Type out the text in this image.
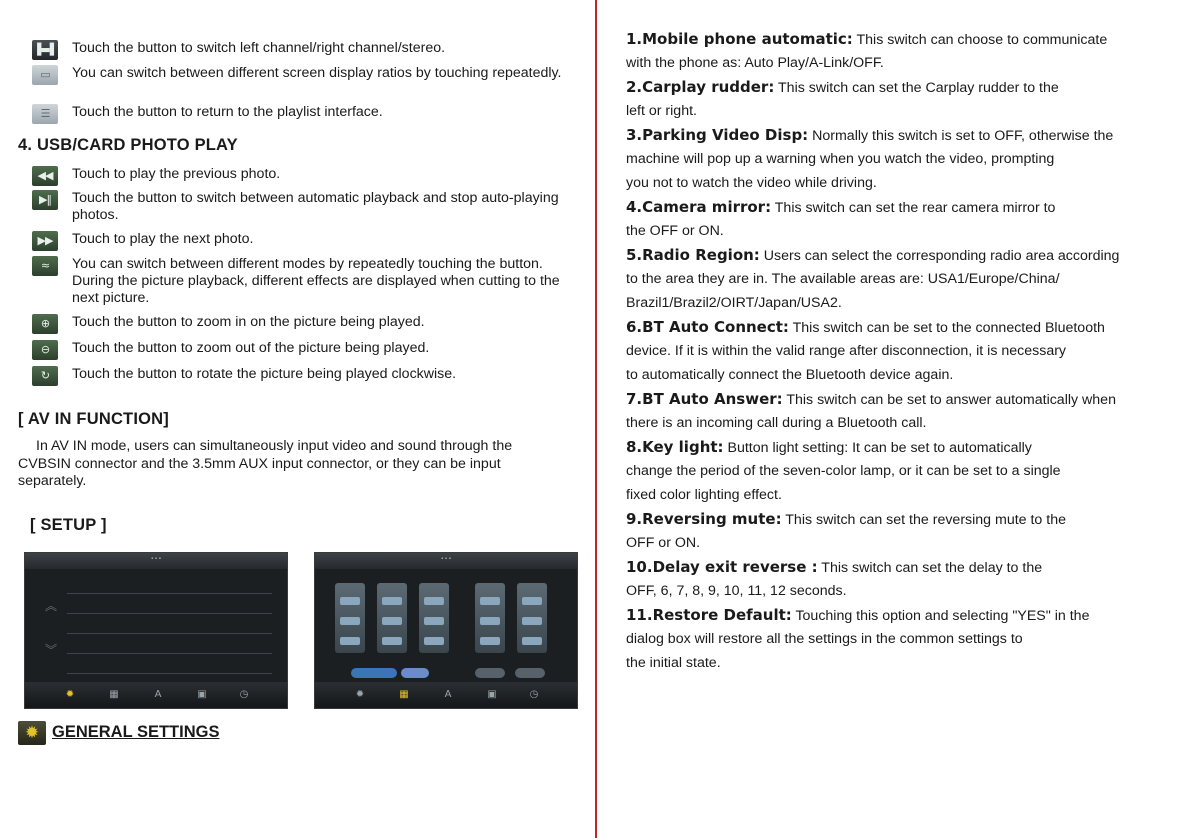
▐▬▌ Touch the button to switch left channel/right channel/stereo.
▭	You can switch between different screen display ratios by touching repeatedly.
☰	Touch the button to return to the playlist interface.
4. USB/CARD PHOTO PLAY
◀◀	Touch to play the previous photo.
▶‖	Touch the button to switch between automatic playback and stop auto-playing photos.
▶▶	Touch to play the next photo.
≈	You can switch between different modes by repeatedly touching the button. During the picture playback, different effects are displayed when cutting to the next picture.
⊕	Touch the button to zoom in on the picture being played.
⊖	Touch the button to zoom out of the picture being played.
↻	Touch the button to rotate the picture being played clockwise.
[ AV IN FUNCTION]
In AV IN mode, users can simultaneously input video and sound through the CVBSIN connector and the 3.5mm AUX input connector, or they can be input separately.
[ SETUP ]
▪ ▪ ▪
︽
︾
✹	▦	A	▣	◷
▪ ▪ ▪
✹	▦	A	▣	◷
✹ GENERAL SETTINGS
1.Mobile phone automatic: This switch can choose to communicate
with the phone as: Auto Play/A-Link/OFF.
2.Carplay rudder: This switch can set the Carplay rudder to the
left or right.
3.Parking Video Disp: Normally this switch is set to OFF, otherwise the
machine will pop up a warning when you watch the video, prompting
you not to watch the video while driving.
4.Camera mirror: This switch can set the rear camera mirror to
the OFF or ON.
5.Radio Region: Users can select the corresponding radio area according
to the area they are in. The available areas are: USA1/Europe/China/
Brazil1/Brazil2/OIRT/Japan/USA2.
6.BT Auto Connect: This switch can be set to the connected Bluetooth
device. If it is within the valid range after disconnection, it is necessary
to automatically connect the Bluetooth device again.
7.BT Auto Answer: This switch can be set to answer automatically when
there is an incoming call during a Bluetooth call.
8.Key light: Button light setting: It can be set to automatically
change the period of the seven-color lamp, or it can be set to a single
fixed color lighting effect.
9.Reversing mute: This switch can set the reversing mute to the
OFF or ON.
10.Delay exit reverse : This switch can set the delay to the
OFF, 6, 7, 8, 9, 10, 11, 12 seconds.
11.Restore Default: Touching this option and selecting "YES" in the
dialog box will restore all the settings in the common settings to
the initial state.
